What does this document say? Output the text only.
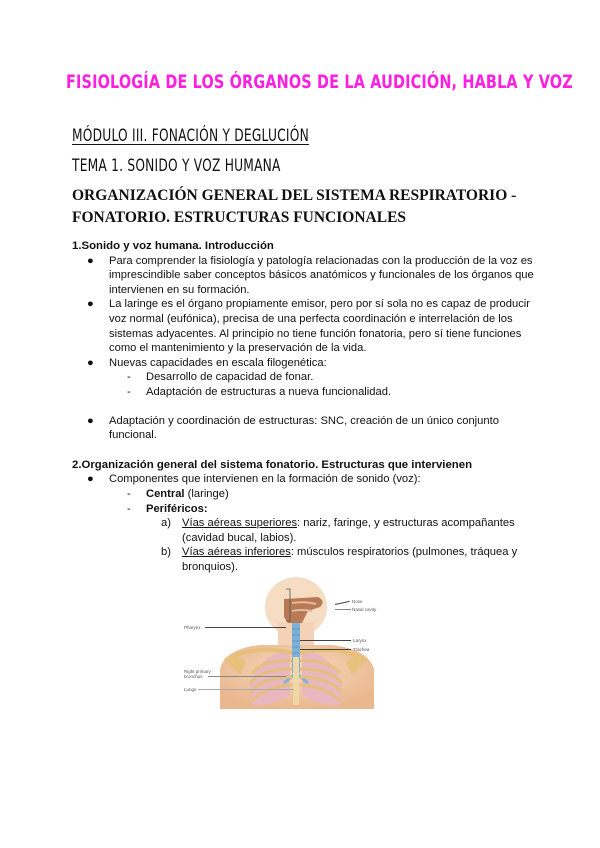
FISIOLOGÍA DE LOS ÓRGANOS DE LA AUDICIÓN, HABLA Y VOZ
MÓDULO III. FONACIÓN Y DEGLUCIÓN
TEMA 1. SONIDO Y VOZ HUMANA
ORGANIZACIÓN GENERAL DEL SISTEMA RESPIRATORIO -
FONATORIO. ESTRUCTURAS FUNCIONALES
1.Sonido y voz humana. Introducción
● Para comprender la fisiología y patología relacionadas con la producción de la voz es imprescindible saber conceptos básicos anatómicos y funcionales de los órganos que intervienen en su formación.
● La laringe es el órgano propiamente emisor, pero por sí sola no es capaz de producir voz normal (eufónica), precisa de una perfecta coordinación e interrelación de los sistemas adyacentes. Al principio no tiene función fonatoria, pero sí tiene funciones como el mantenimiento y la preservación de la vida.
● Nuevas capacidades en escala filogenética:
- Desarrollo de capacidad de fonar.
- Adaptación de estructuras a nueva funcionalidad.
● Adaptación y coordinación de estructuras: SNC, creación de un único conjunto funcional.
2.Organización general del sistema fonatorio. Estructuras que intervienen
● Componentes que intervienen en la formación de sonido (voz):
- Central (laringe)
- Periféricos:
a) Vías aéreas superiores: nariz, faringe, y estructuras acompañantes (cavidad bucal, labios).
b) Vías aéreas inferiores: músculos respiratorios (pulmones, tráquea y bronquios).
Nose
Nasal cavity
Pharynx
Larynx
Trachea
Right primary
bronchus
Lungs
